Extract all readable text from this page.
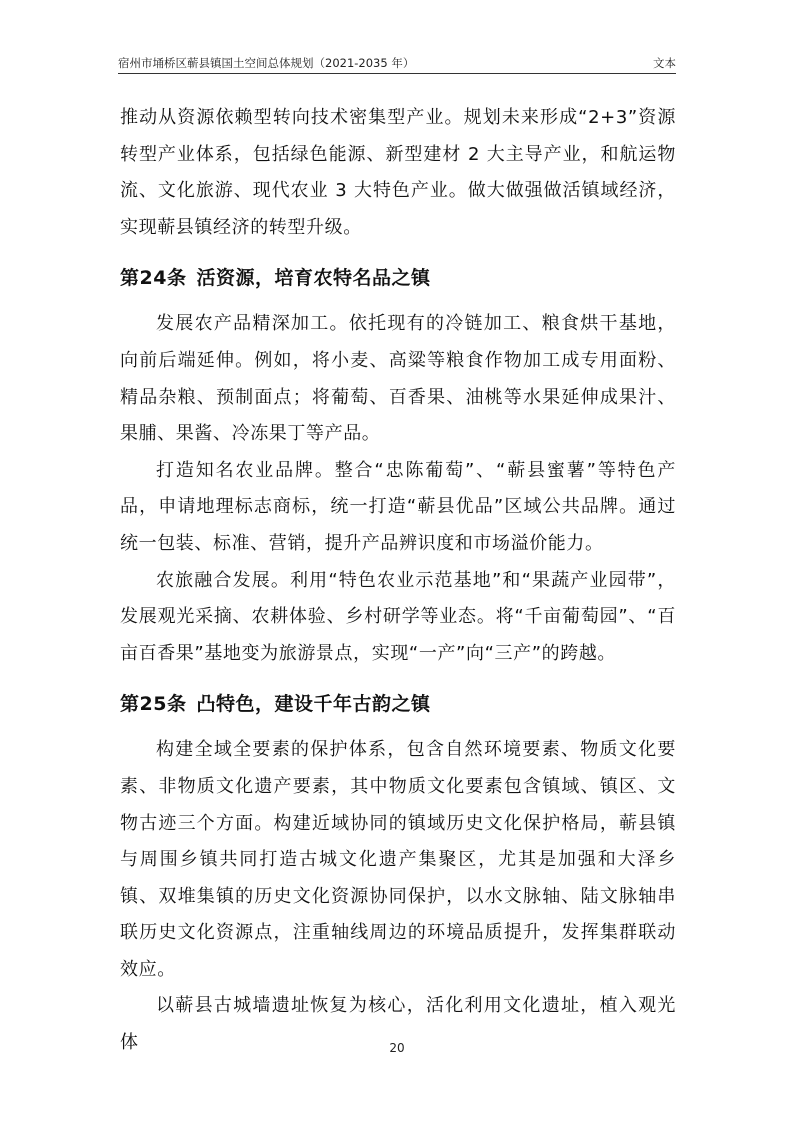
宿州市埇桥区蕲县镇国土空间总体规划（2021-2035 年）	文本

推动从资源依赖型转向技术密集型产业。规划未来形成“2+3”资源转型产业体系，包括绿色能源、新型建材 2 大主导产业，和航运物流、文化旅游、现代农业 3 大特色产业。做大做强做活镇域经济，实现蕲县镇经济的转型升级。

第24条 活资源，培育农特名品之镇

发展农产品精深加工。依托现有的冷链加工、粮食烘干基地，向前后端延伸。例如，将小麦、高粱等粮食作物加工成专用面粉、精品杂粮、预制面点；将葡萄、百香果、油桃等水果延伸成果汁、果脯、果酱、冷冻果丁等产品。

打造知名农业品牌。整合“忠陈葡萄”、“蕲县蜜薯”等特色产品，申请地理标志商标，统一打造“蕲县优品”区域公共品牌。通过统一包装、标准、营销，提升产品辨识度和市场溢价能力。

农旅融合发展。利用“特色农业示范基地”和“果蔬产业园带”，发展观光采摘、农耕体验、乡村研学等业态。将“千亩葡萄园”、“百亩百香果”基地变为旅游景点，实现“一产”向“三产”的跨越。

第25条 凸特色，建设千年古韵之镇

构建全域全要素的保护体系，包含自然环境要素、物质文化要素、非物质文化遗产要素，其中物质文化要素包含镇域、镇区、文物古迹三个方面。构建近域协同的镇域历史文化保护格局，蕲县镇与周围乡镇共同打造古城文化遗产集聚区，尤其是加强和大泽乡镇、双堆集镇的历史文化资源协同保护，以水文脉轴、陆文脉轴串联历史文化资源点，注重轴线周边的环境品质提升，发挥集群联动效应。

以蕲县古城墙遗址恢复为核心，活化利用文化遗址，植入观光体	20
